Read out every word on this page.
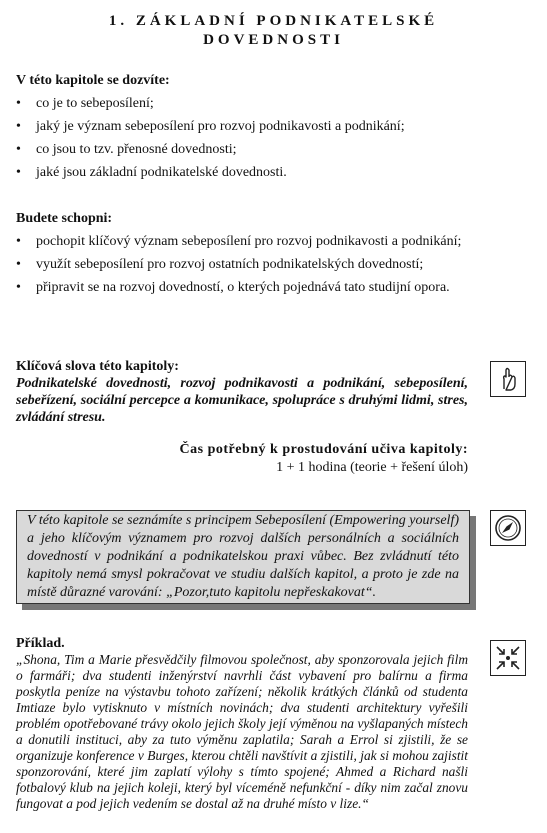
1. ZÁKLADNÍ PODNIKATELSKÉ
DOVEDNOSTI
V této kapitole se dozvíte:
• co je to sebeposílení;
• jaký je význam sebeposílení pro rozvoj podnikavosti a podnikání;
• co jsou to tzv. přenosné dovednosti;
• jaké jsou základní podnikatelské dovednosti.
Budete schopni:
• pochopit klíčový význam sebeposílení pro rozvoj podnikavosti a podnikání;
• využít sebeposílení pro rozvoj ostatních podnikatelských dovedností;
• připravit se na rozvoj dovedností, o kterých pojednává tato studijní opora.
Klíčová slova této kapitoly:
Podnikatelské dovednosti, rozvoj podnikavosti a podnikání, sebeposílení, sebeřízení, sociální percepce a komunikace, spolupráce s druhými lidmi, stres, zvládání stresu.
Čas potřebný k prostudování učiva kapitoly:
1 + 1 hodina (teorie + řešení úloh)
V této kapitole se seznámíte s principem Sebeposílení (Empowering yourself) a jeho klíčovým významem pro rozvoj dalších personálních a sociálních dovedností v podnikání a podnikatelskou praxi vůbec. Bez zvládnutí této kapitoly nemá smysl pokračovat ve studiu dalších kapitol, a proto je zde na místě důrazné varování: „Pozor,tuto kapitolu nepřeskakovat“.
Příklad.
„Shona, Tim a Marie přesvědčily filmovou společnost, aby sponzorovala jejich film o farmáři; dva studenti inženýrství navrhli část vybavení pro balírnu a firma poskytla peníze na výstavbu tohoto zařízení; několik krátkých článků od studenta Imtiaze bylo vytisknuto v místních novinách; dva studenti architektury vyřešili problém opotřebované trávy okolo jejich školy její výměnou na vyšlapaných místech a donutili instituci, aby za tuto výměnu zaplatila; Sarah a Errol si zjistili, že se organizuje konference v Burges, kterou chtěli navštívit a zjistili, jak si mohou zajistit sponzorování, které jim zaplatí výlohy s tímto spojené; Ahmed a Richard našli fotbalový klub na jejich koleji, který byl víceméně nefunkční - díky nim začal znovu fungovat a pod jejich vedením se dostal až na druhé místo v lize.“
